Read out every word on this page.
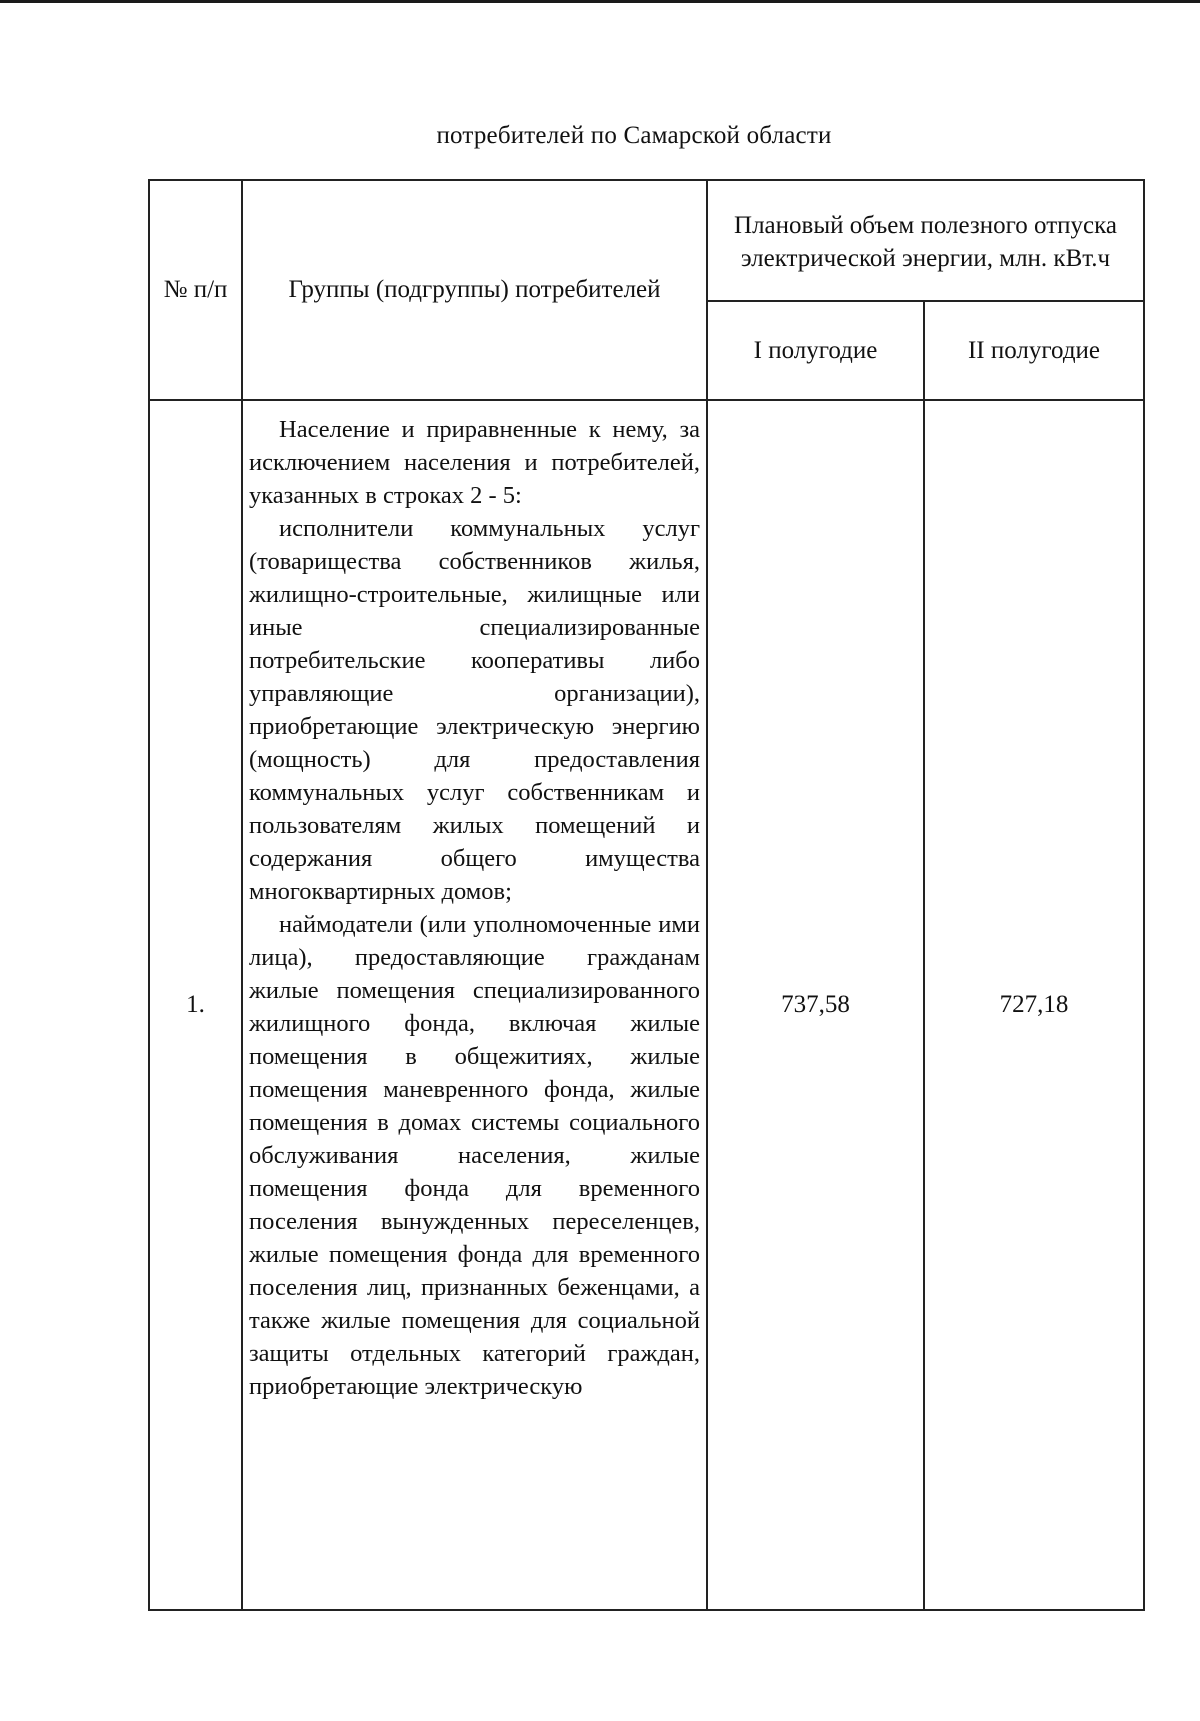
потребителей по Самарской области
№ п/п	Группы (подгруппы) потребителей	Плановый объем полезного отпуска электрической энергии, млн. кВт.ч	
		I полугодие	II полугодие
1.	Население и приравненные к нему, за исключением населения и потребителей, указанных в строках 2 - 5:

исполнители коммунальных услуг (товарищества собственников жилья, жилищно-строительные, жилищные или иные специализированные потребительские кооперативы либо управляющие организации), приобретающие электрическую энергию (мощность) для предоставления коммунальных услуг собственникам и пользователям жилых помещений и содержания общего имущества многоквартирных домов;

наймодатели (или уполномоченные ими лица), предоставляющие гражданам жилые помещения специализированного жилищного фонда, включая жилые помещения в общежитиях, жилые помещения маневренного фонда, жилые помещения в домах системы социального обслуживания населения, жилые помещения фонда для временного поселения вынужденных переселенцев, жилые помещения фонда для временного поселения лиц, признанных беженцами, а также жилые помещения для социальной защиты отдельных категорий граждан, приобретающие электрическую	737,58	727,18
